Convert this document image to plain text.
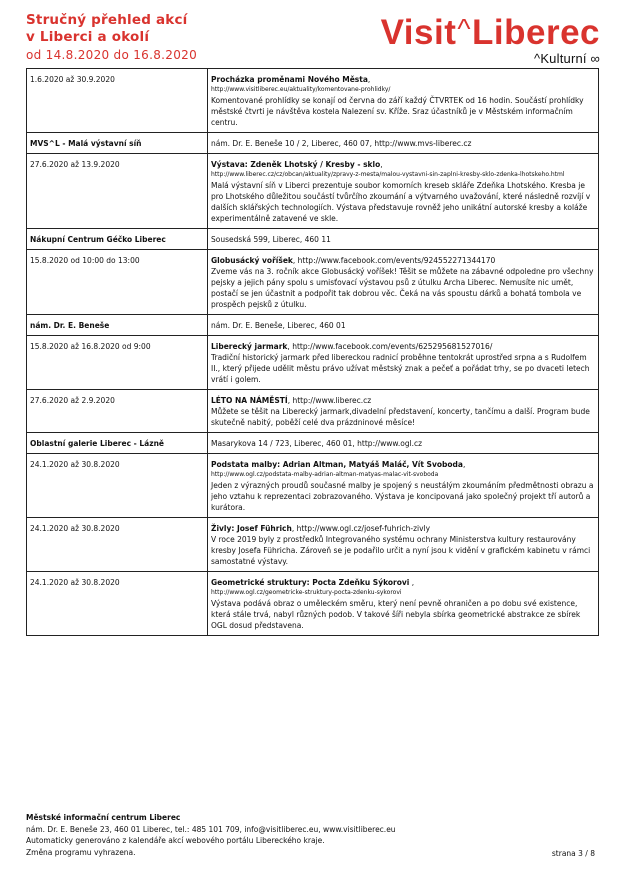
Stručný přehled akcí
v Liberci a okolí
od 14.8.2020 do 16.8.2020
Visit^Liberec
^Kulturní ∞
1.6.2020 až 30.9.2020	Procházka proměnami Nového Města,
http://www.visitliberec.eu/aktuality/komentovane-prohlidky/
Komentované prohlídky se konají od června do září každý ČTVRTEK od 16 hodin. Součástí prohlídky městské čtvrti je návštěva kostela Nalezení sv. Kříže. Sraz účastníků je v Městském informačním centru.

MVS^L - Malá výstavní síň	nám. Dr. E. Beneše 10 / 2, Liberec, 460 07, http://www.mvs-liberec.cz

27.6.2020 až 13.9.2020	Výstava: Zdeněk Lhotský / Kresby - sklo,
http://www.liberec.cz/cz/obcan/aktuality/zpravy-z-mesta/malou-vystavni-sin-zaplni-kresby-sklo-zdenka-lhotskeho.html
Malá výstavní síň v Liberci prezentuje soubor komorních kreseb skláře Zdeňka Lhotského. Kresba je pro Lhotského důležitou součástí tvůrčího zkoumání a výtvarného uvažování, které následně rozvíjí v dalších sklářských technologiích. Výstava představuje rovněž jeho unikátní autorské kresby a koláže experimentálně zatavené ve skle.

Nákupní Centrum Géčko Liberec	Sousedská 599, Liberec, 460 11

15.8.2020 od 10:00 do 13:00	Globusácký voříšek, http://www.facebook.com/events/924552271344170
Zveme vás na 3. ročník akce Globusácký voříšek! Těšit se můžete na zábavné odpoledne pro všechny pejsky a jejich pány spolu s umisťovací výstavou psů z útulku Archa Liberec. Nemusíte nic umět, postačí se jen účastnit a podpořit tak dobrou věc. Čeká na vás spoustu dárků a bohatá tombola ve prospěch pejsků z útulku.

nám. Dr. E. Beneše	nám. Dr. E. Beneše, Liberec, 460 01

15.8.2020 až 16.8.2020 od 9:00	Liberecký jarmark, http://www.facebook.com/events/625295681527016/
Tradiční historický jarmark před libereckou radnicí proběhne tentokrát uprostřed srpna a s Rudolfem II., který přijede udělit městu právo užívat městský znak a pečeť a pořádat trhy, se po dvaceti letech vrátí i golem.

27.6.2020 až 2.9.2020	LÉTO NA NÁMĚSTÍ, http://www.liberec.cz
Můžete se těšit na Liberecký jarmark,divadelní představení, koncerty, tančímu a další. Program bude skutečně nabitý, poběží celé dva prázdninové měsíce!

Oblastní galerie Liberec - Lázně	Masarykova 14 / 723, Liberec, 460 01, http://www.ogl.cz

24.1.2020 až 30.8.2020	Podstata malby: Adrian Altman, Matyáš Maláč, Vít Svoboda,
http://www.ogl.cz/podstata-malby-adrian-altman-matyas-malac-vit-svoboda
Jeden z výrazných proudů současné malby je spojený s neustálým zkoumáním předmětnosti obrazu a jeho vztahu k reprezentaci zobrazovaného. Výstava je koncipovaná jako společný projekt tří autorů a kurátora.

24.1.2020 až 30.8.2020	Živly: Josef Führich, http://www.ogl.cz/josef-fuhrich-zivly
V roce 2019 byly z prostředků Integrovaného systému ochrany Ministerstva kultury restaurovány kresby Josefa Führicha. Zároveň se je podařilo určit a nyní jsou k vidění v grafickém kabinetu v rámci samostatné výstavy.

24.1.2020 až 30.8.2020	Geometrické struktury: Pocta Zdeňku Sýkorovi ,
http://www.ogl.cz/geometricke-struktury-pocta-zdenku-sykorovi
Výstava podává obraz o uměleckém směru, který není pevně ohraničen a po dobu své existence, která stále trvá, nabyl různých podob. V takové šíři nebyla sbírka geometrické abstrakce ze sbírek OGL dosud představena.
Městské informační centrum Liberec
nám. Dr. E. Beneše 23, 460 01 Liberec, tel.: 485 101 709, info@visitliberec.eu, www.visitliberec.eu
Automaticky generováno z kalendáře akcí webového portálu Libereckého kraje.
Změna programu vyhrazena.	strana 3 / 8
